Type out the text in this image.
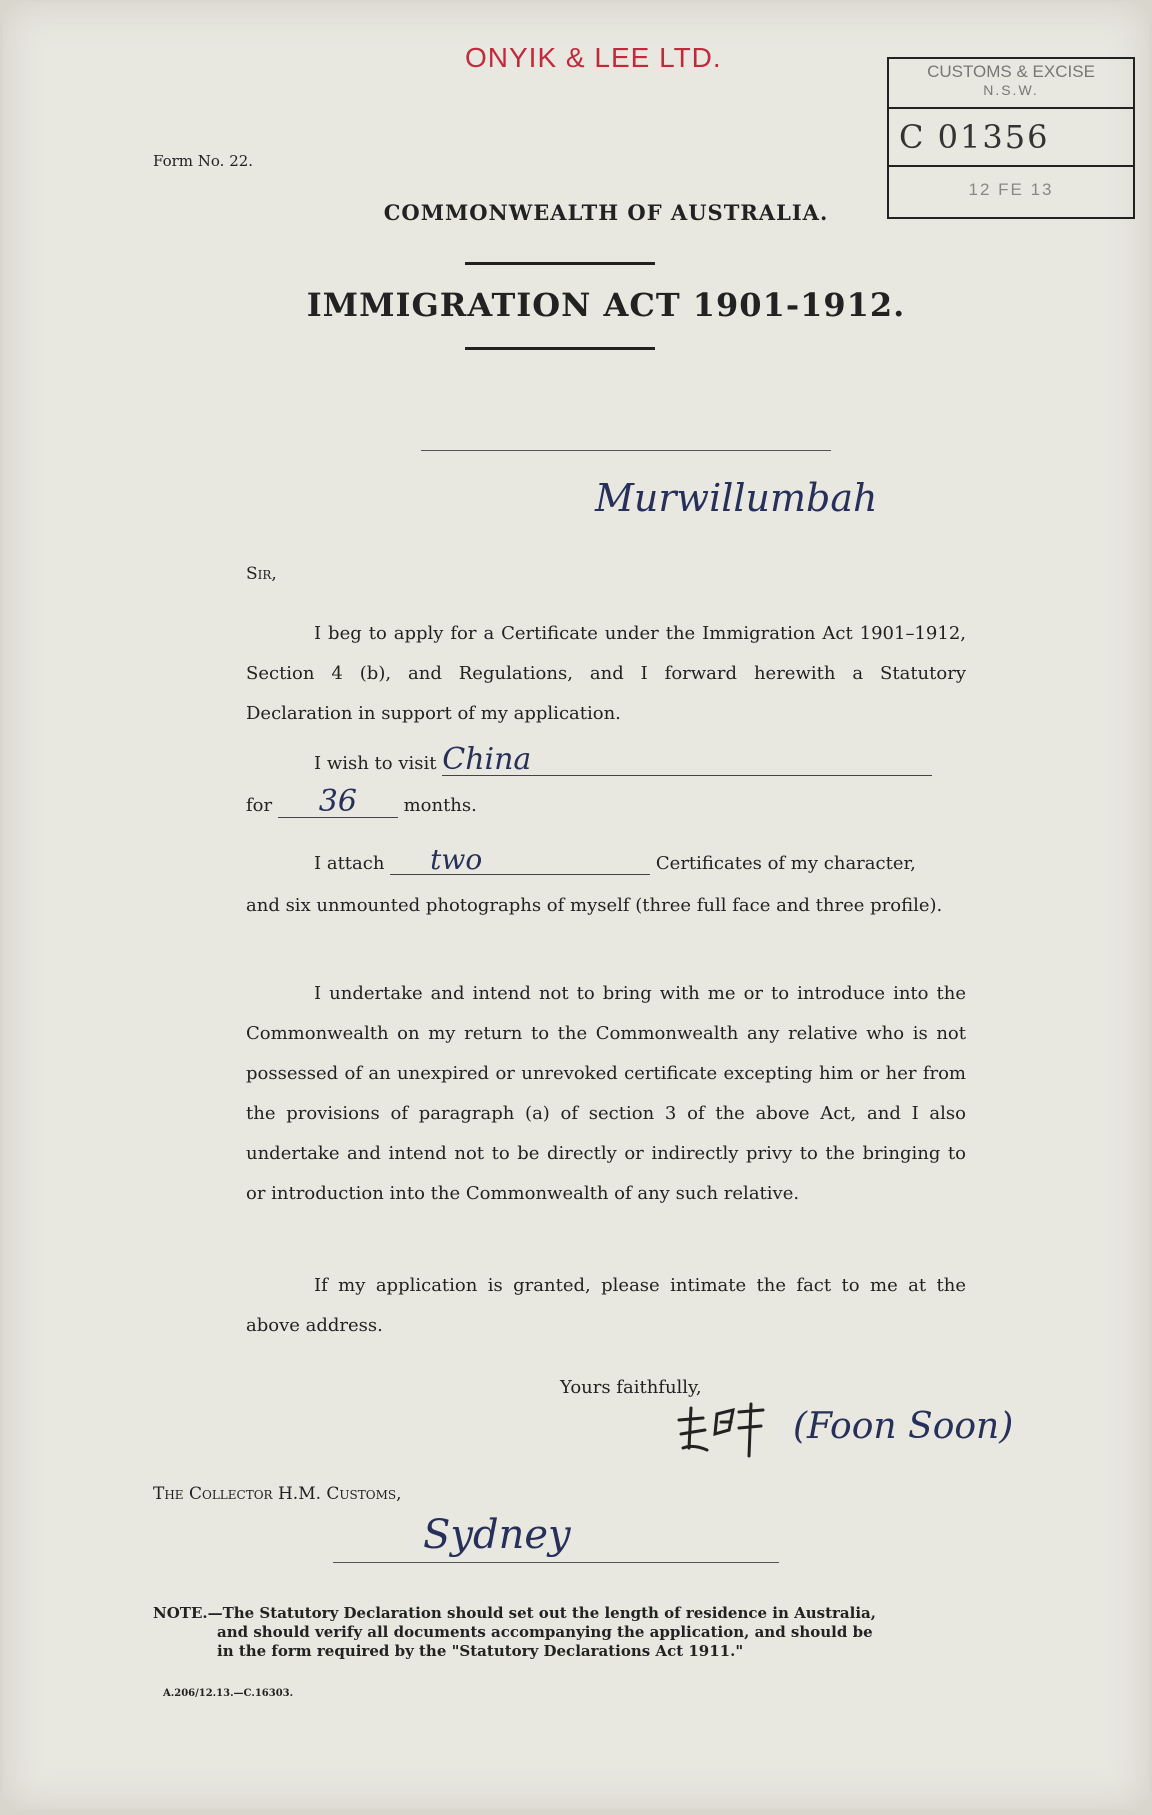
ONYIK & LEE LTD.
Form No. 22.
CUSTOMS & EXCISE
N.S.W.
C 01356
12 FE 13
COMMONWEALTH OF AUSTRALIA.
IMMIGRATION ACT 1901-1912.
Murwillumbah
Sir,
I beg to apply for a Certificate under the Immigration Act 1901–1912, Section 4 (b), and Regulations, and I forward herewith a Statutory Declaration in support of my application.
I wish to visit China
for 36	months.
I attach two	Certificates of my character,
and six unmounted photographs of myself (three full face and three profile).
I undertake and intend not to bring with me or to introduce into the Commonwealth on my return to the Commonwealth any relative who is not possessed of an unexpired or unrevoked certificate excepting him or her from the provisions of paragraph (a) of section 3 of the above Act, and I also undertake and intend not to be directly or indirectly privy to the bringing to or introduction into the Commonwealth of any such relative.
If my application is granted, please intimate the fact to me at the above address.
Yours faithfully,
(Foon Soon)
The Collector H.M. Customs,
Sydney
NOTE.—The Statutory Declaration should set out the length of residence in Australia,
and should verify all documents accompanying the application, and should be
in the form required by the "Statutory Declarations Act 1911."
A.206/12.13.—C.16303.
